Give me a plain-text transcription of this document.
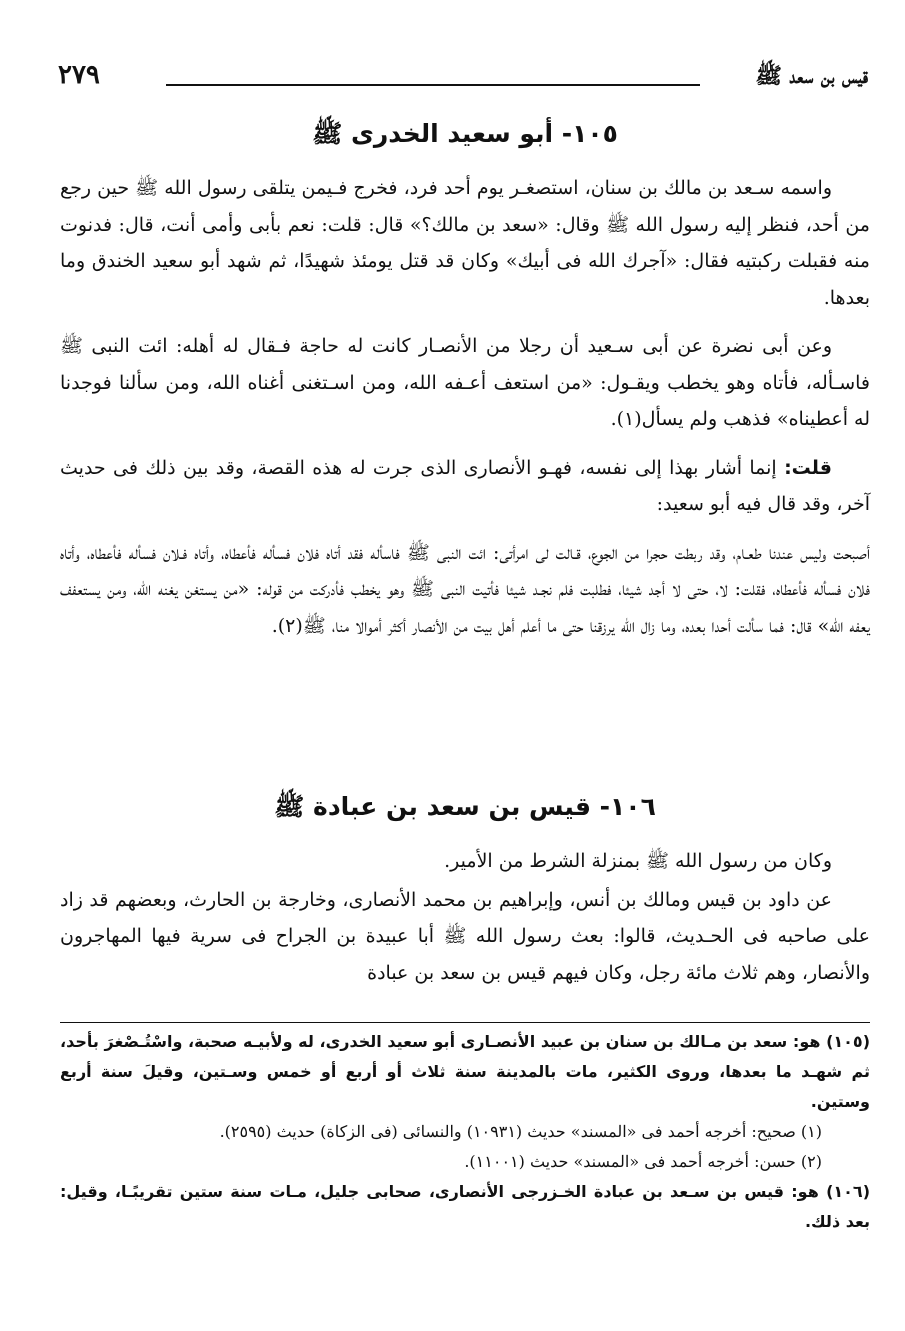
قيس بن سعد ﷺ
٢٧٩
١٠٥- أبو سعيد الخدرى ﷺ

واسمه سـعد بن مالك بن سنان، استصغـر يوم أحد فرد، فخرج فـيمن يتلقى رسول الله ﷺ حين رجع من أحد، فنظر إليه رسول الله ﷺ وقال: «سعد بن مالك؟» قال: قلت: نعم بأبى وأمى أنت، قال: فدنوت منه فقبلت ركبتيه فقال: «آجرك الله فى أبيك» وكان قد قتل يومئذ شهيدًا، ثم شهد أبو سعيد الخندق وما بعدها.

وعن أبى نضرة عن أبى سـعيد أن رجلا من الأنصـار كانت له حاجة فـقال له أهله: ائت النبى ﷺ فاسـأله، فأتاه وهو يخطب ويقـول: «من استعف أعـفه الله، ومن اسـتغنى أغناه الله، ومن سألنا فوجدنا له أعطيناه» فذهب ولم يسأل(١).

قلت: إنما أشار بهذا إلى نفسه، فهـو الأنصارى الذى جرت له هذه القصة، وقد بين ذلك فى حديث آخر، وقد قال فيه أبو سعيد:

أصبحت وليس عندنا طعـام، وقد ربطت حجرا من الجوع، قـالت لى امرأتى: ائت النبى ﷺ فاسأله فقد أتاه فلان فسأله فأعطاه، وأتاه فـلان فسأله فأعطاه، وأتاه فلان فسأله فأعطاه، فقلت: لا، حتى لا أجد شيئا، فطلبت فلم نجـد شيئا فأتيت النبى ﷺ وهو يخطب فأدركت من قوله: «من يستغن يغنه الله، ومن يستعفف يعفه الله» قال: فما سألت أحدا بعده، وما زال الله يرزقنا حتى ما أعلم أهل بيت من الأنصار أكثر أموالا منا، ﷺ(٢).

١٠٦- قيس بن سعد بن عبادة ﷺ

وكان من رسول الله ﷺ بمنزلة الشرط من الأمير.

عن داود بن قيس ومالك بن أنس، وإبراهيم بن محمد الأنصارى، وخارجة بن الحارث، وبعضهم قد زاد على صاحبه فى الحـديث، قالوا: بعث رسول الله ﷺ أبا عبيدة بن الجراح فى سرية فيها المهاجرون والأنصار، وهم ثلاث مائة رجل، وكان فيهم قيس بن سعد بن عبادة

(١٠٥) هو: سعد بن مـالك بن سنان بن عبيد الأنصـارى أبو سعيد الخدرى، له ولأبيـه صحبة، واسْتُـصْغرَ بأحد، ثم شهـد ما بعدها، وروى الكثير، مات بالمدينة سنة ثلاث أو أربع أو خمس وسـتين، وقيلَ سنة أربع وستين.

(١) صحيح: أخرجه أحمد فى «المسند» حديث (١٠٩٣١) والنسائى (فى الزكاة) حديث (٢٥٩٥).

(٢) حسن: أخرجه أحمد فى «المسند» حديث (١١٠٠١).

(١٠٦) هو: قيس بن سـعد بن عبادة الخـزرجى الأنصارى، صحابى جليل، مـات سنة ستين تقريبًـا، وقيل: بعد ذلك.
